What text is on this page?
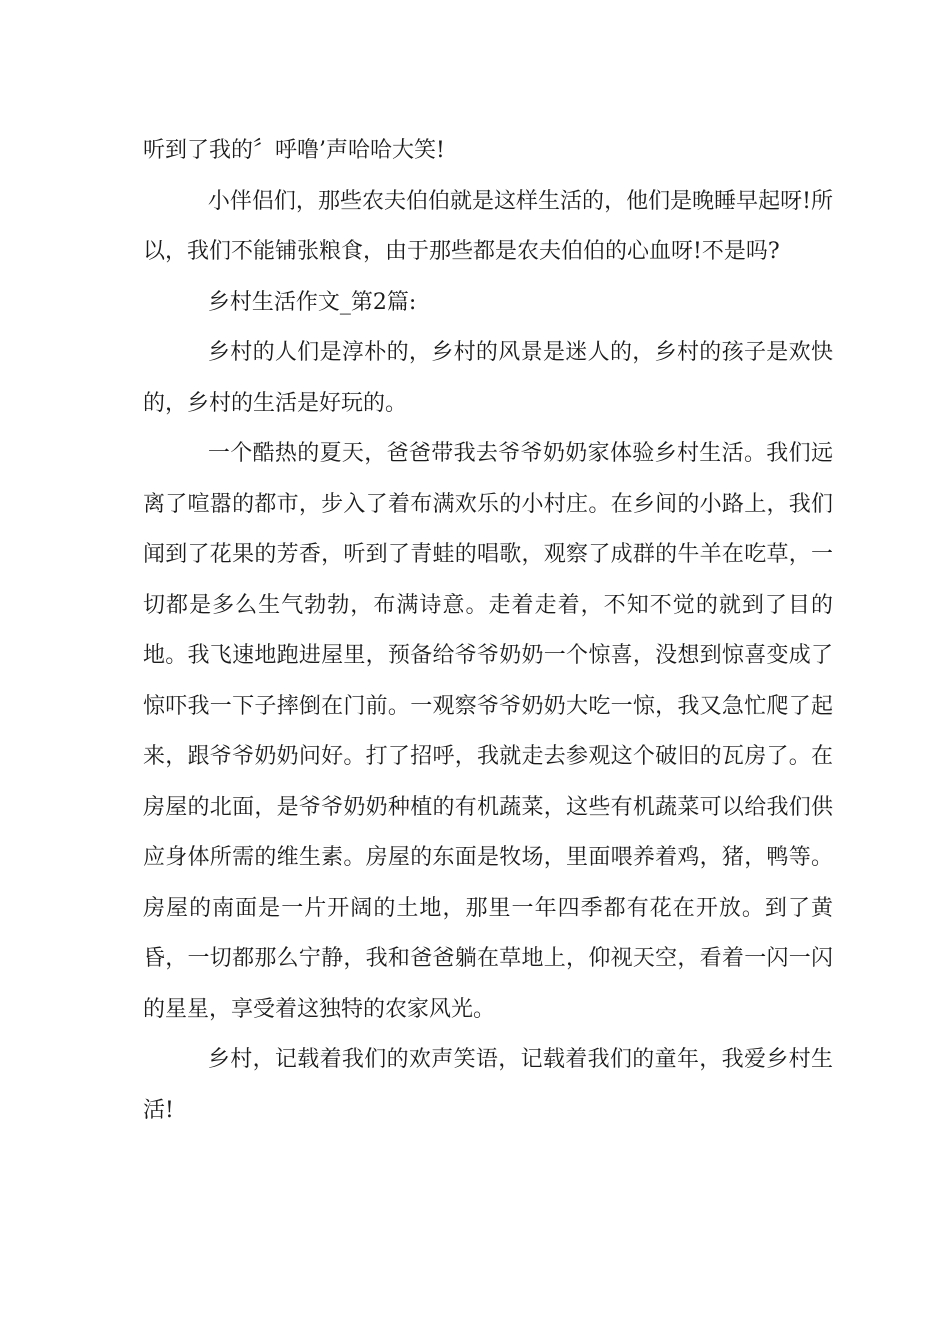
听到了我的〞呼噜’声哈哈大笑!

小伴侣们，那些农夫伯伯就是这样生活的，他们是晚睡早起呀!所以，我们不能铺张粮食，由于那些都是农夫伯伯的心血呀!不是吗?

乡村生活作文_第2篇:

乡村的人们是淳朴的，乡村的风景是迷人的，乡村的孩子是欢快的，乡村的生活是好玩的。

一个酷热的夏天，爸爸带我去爷爷奶奶家体验乡村生活。我们远离了喧嚣的都市，步入了着布满欢乐的小村庄。在乡间的小路上，我们闻到了花果的芳香，听到了青蛙的唱歌，观察了成群的牛羊在吃草，一切都是多么生气勃勃，布满诗意。走着走着，不知不觉的就到了目的地。我飞速地跑进屋里，预备给爷爷奶奶一个惊喜，没想到惊喜变成了惊吓我一下子摔倒在门前。一观察爷爷奶奶大吃一惊，我又急忙爬了起来，跟爷爷奶奶问好。打了招呼，我就走去参观这个破旧的瓦房了。在房屋的北面，是爷爷奶奶种植的有机蔬菜，这些有机蔬菜可以给我们供应身体所需的维生素。房屋的东面是牧场，里面喂养着鸡，猪，鸭等。房屋的南面是一片开阔的土地，那里一年四季都有花在开放。到了黄昏，一切都那么宁静，我和爸爸躺在草地上，仰视天空，看着一闪一闪的星星，享受着这独特的农家风光。

乡村，记载着我们的欢声笑语，记载着我们的童年，我爱乡村生活!
